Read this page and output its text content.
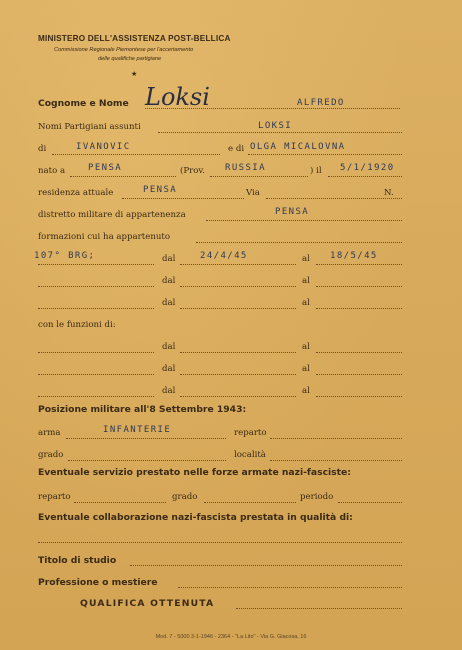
MINISTERO DELL'ASSISTENZA POST-BELLICA
Commissione Regionale Piemontese per l'accertamento
delle qualifiche partigiane
★
Cognome e Nome Loksi	ALFREDO
Nomi Partigiani assunti	LOKSI
di	IVANOVIC	e di OLGA MICALOVNA
nato a	PENSA	(Prov. RUSSIA	) il 5/1/1920
residenza attuale	PENSA	Via	N.
distretto militare di appartenenza	PENSA
formazioni cui ha appartenuto
107° BRG;	dal	24/4/45	al 18/5/45
dal	al
dal	al
con le funzioni di:
dal	al
dal	al
dal	al
Posizione militare all'8 Settembre 1943:
arma	INFANTERIE	reparto
grado	località
Eventuale servizio prestato nelle forze armate nazi-fasciste:
reparto	grado	periodo
Eventuale collaborazione nazi-fascista prestata in qualità di:
Titolo di studio
Professione o mestiere
QUALIFICA OTTENUTA
Mod. 7 - 5000 3-1-1946 - 2364 - "La Lito" - Via G. Giacosa, 16
